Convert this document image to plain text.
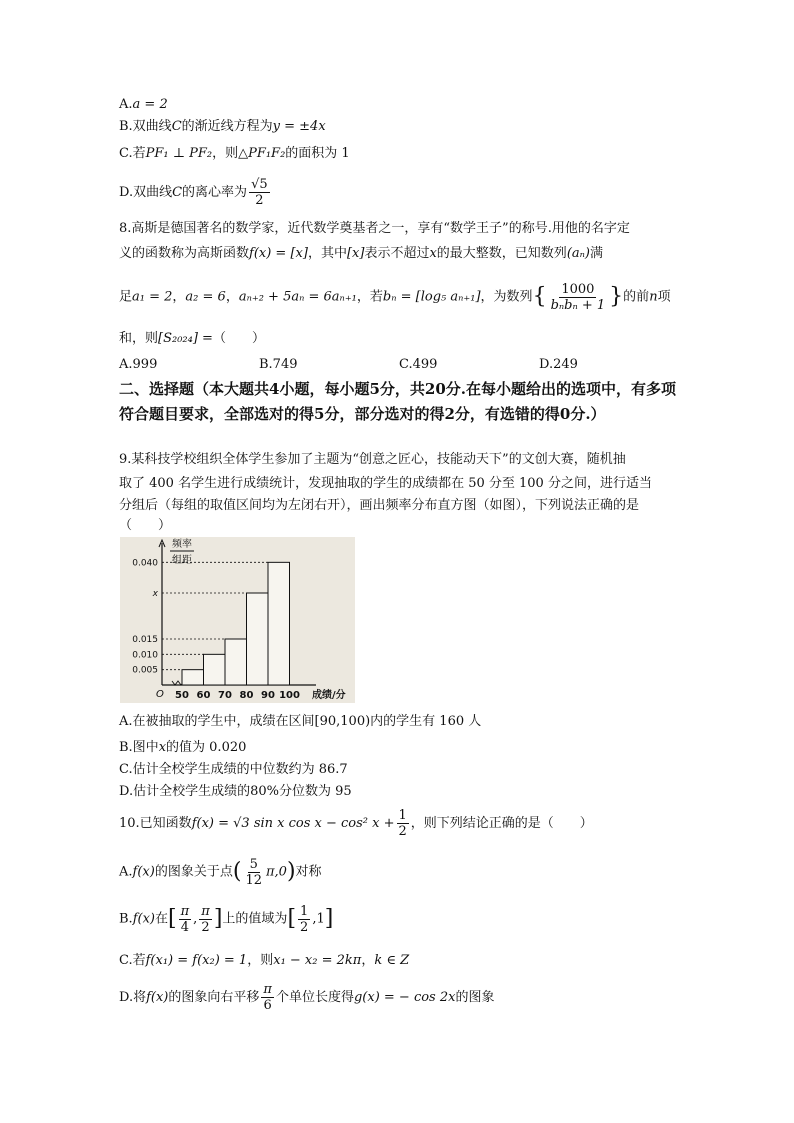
A.a = 2
B.双曲线C的渐近线方程为y = ±4x
C.若PF₁ ⊥ PF₂，则△PF₁F₂的面积为 1
D.双曲线C的离心率为 $\frac{√5}{2}$
8.高斯是德国著名的数学家，近代数学奠基者之一，享有“数学王子”的称号.用他的名字定
义的函数称为高斯函数f(x) = [x]，其中[x]表示不超过x的最大整数，已知数列(aₙ)满
足a₁ = 2，a₂ = 6，aₙ₊₂ + 5aₙ = 6aₙ₊₁，若bₙ = [log₅ aₙ₊₁]，为数列{ $\frac{1000}{\text{bₙbₙ + 1}}$ }的前n项
和，则[S₂₀₂₄] =（　　）
A.999	B.749	C.499	D.249
二、选择题（本大题共4小题，每小题5分，共20分.在每小题给出的选项中，有多项符合题目要求，全部选对的得5分，部分选对的得2分，有选错的得0分.）
9.某科技学校组织全体学生参加了主题为“创意之匠心，技能动天下”的文创大赛，随机抽
取了 400 名学生进行成绩统计，发现抽取的学生的成绩都在 50 分至 100 分之间，进行适当
分组后（每组的取值区间均为左闭右开），画出频率分布直方图（如图），下列说法正确的是
（　　）
频率
组距
0.040
x
0.015
0.010
0.005
50 60 70 80 90 100
O	成绩/分
A.在被抽取的学生中，成绩在区间[90,100)内的学生有 160 人
B.图中x的值为 0.020
C.估计全校学生成绩的中位数约为 86.7
D.估计全校学生成绩的80%分位数为 95
10.已知函数f(x) = √3 sin x cos x − cos² $x + \frac{1}{2}$ ，则下列结论正确的是（　　）
A.f(x)的图象关于点( $\frac{5}{12} \pi,0$)对称
B.f(x)在[ $\frac{\pi}{4}$ , $\frac{\pi}{2}$ ]上的值域为[ $\frac{1}{2} ,1$]
C.若f(x₁) = f(x₂) = 1，则x₁ − x₂ = 2kπ，k ∈ Z
D.将f(x)的图象向右平移 $\frac{\pi}{6}$ 个单位长度得g(x) = − cos 2x的图象
